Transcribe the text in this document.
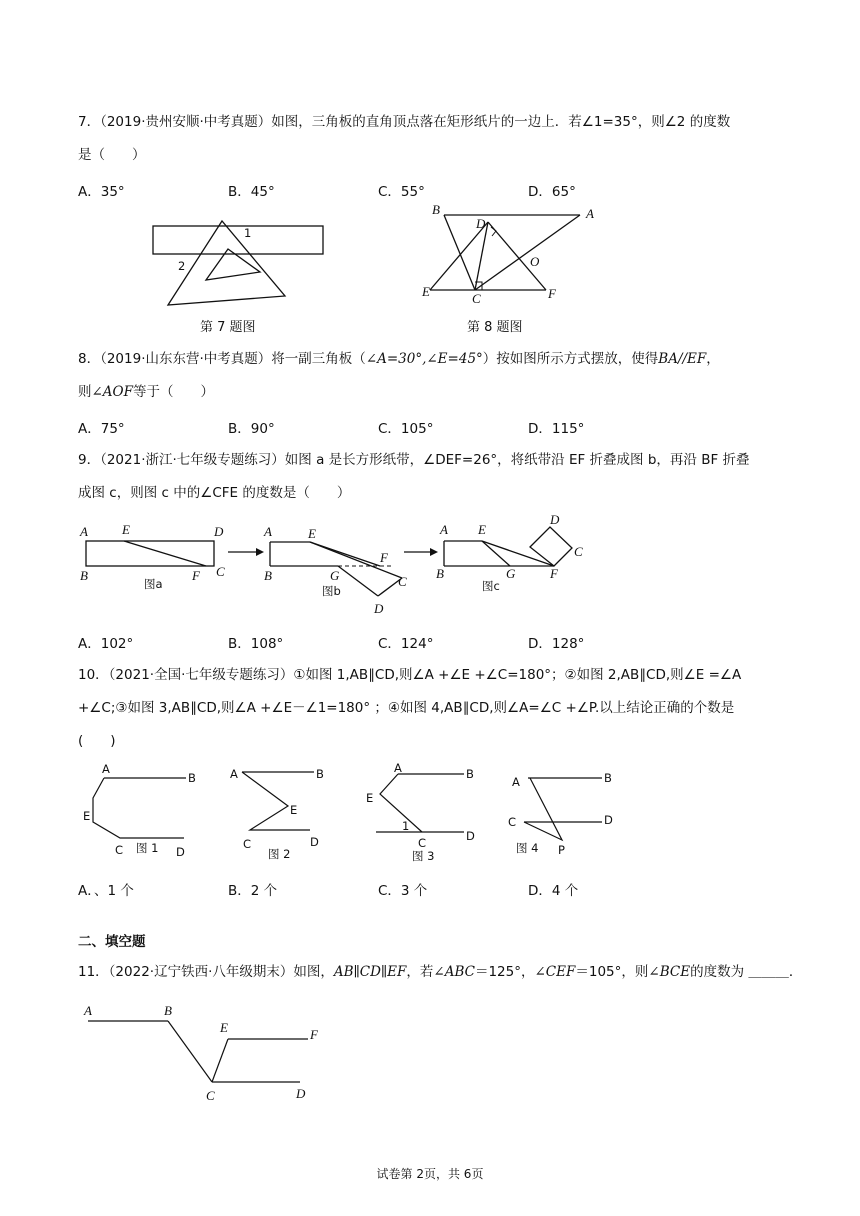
7．（2019·贵州安顺·中考真题）如图，三角板的直角顶点落在矩形纸片的一边上．若∠1=35°，则∠2 的度数
是（　　）
A．35°	B．45°	C．55°	D．65°
1
2
第 7 题图
B
D
A
O
E	C	F
第 8 题图
8．（2019·山东东营·中考真题）将一副三角板（∠A=30°,∠E=45°）按如图所示方式摆放，使得BA//EF，
则∠AOF等于（　　）
A．75°	B．90°	C．105°	D．115°
9．（2021·浙江·七年级专题练习）如图 a 是长方形纸带，∠DEF=26°，将纸带沿 EF 折叠成图 b，再沿 BF 折叠
成图 c，则图 c 中的∠CFE 的度数是（　　）
A	E	D
B	F C
图a
A	E
F
B	G	C
D
图b
A E
D
C
B	G	F
图c
A．102°	B．108°	C．124°	D．128°
10．（2021·全国·七年级专题练习）①如图 1,AB∥CD,则∠A +∠E +∠C=180°；②如图 2,AB∥CD,则∠E =∠A
+∠C;③如图 3,AB∥CD,则∠A +∠E－∠1=180° ；④如图 4,AB∥CD,则∠A=∠C +∠P.以上结论正确的个数是
(　　)
A
B
E
C	D
图 1
A	B
E
C	D
图 2
A	B
E
1
C	D
图 3
A	B
C	D
P
图 4
A．、1 个	B．2 个	C．3 个	D．4 个
二、填空题
11．（2022·辽宁铁西·八年级期末）如图，AB∥CD∥EF，若∠ABC＝125°，∠CEF＝105°，则∠BCE的度数为 ＿＿＿．
A	B
E	F
C	D
试卷第 2页，共 6页
